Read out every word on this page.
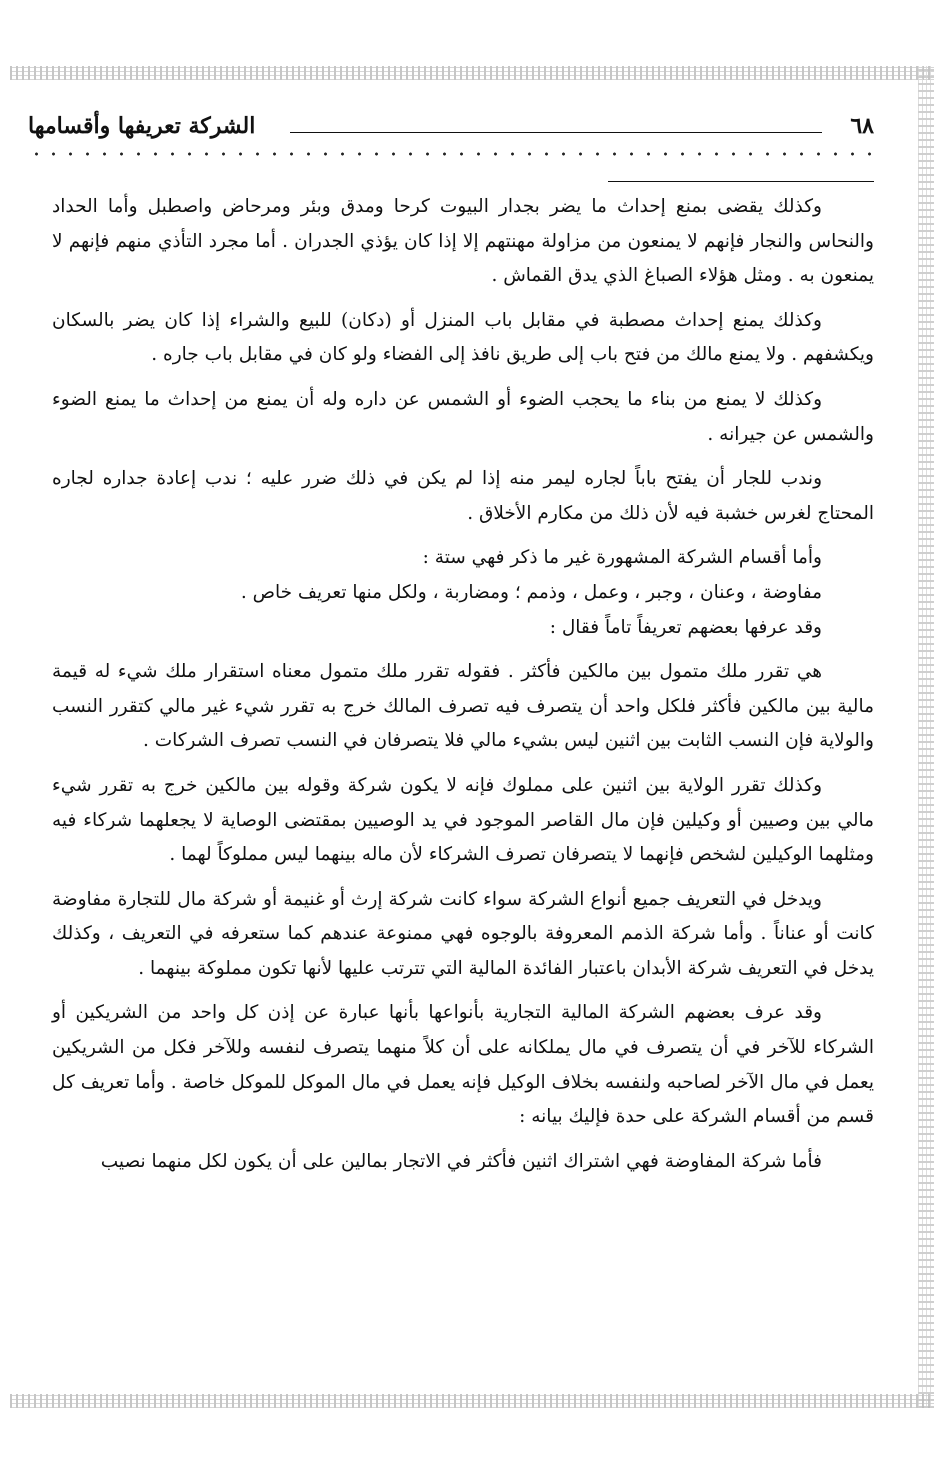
٦٨
الشركة تعريفها وأقسامها

وكذلك يقضى بمنع إحداث ما يضر بجدار البيوت كرحا ومدق وبئر ومرحاض واصطبل وأما الحداد والنحاس والنجار فإنهم لا يمنعون من مزاولة مهنتهم إلا إذا كان يؤذي الجدران . أما مجرد التأذي منهم فإنهم لا يمنعون به . ومثل هؤلاء الصباغ الذي يدق القماش .

وكذلك يمنع إحداث مصطبة في مقابل باب المنزل أو (دكان) للبيع والشراء إذا كان يضر بالسكان ويكشفهم . ولا يمنع مالك من فتح باب إلى طريق نافذ إلى الفضاء ولو كان في مقابل باب جاره .

وكذلك لا يمنع من بناء ما يحجب الضوء أو الشمس عن داره وله أن يمنع من إحداث ما يمنع الضوء والشمس عن جيرانه .

وندب للجار أن يفتح باباً لجاره ليمر منه إذا لم يكن في ذلك ضرر عليه ؛ ندب إعادة جداره لجاره المحتاج لغرس خشبة فيه لأن ذلك من مكارم الأخلاق .

وأما أقسام الشركة المشهورة غير ما ذكر فهي ستة :

مفاوضة ، وعنان ، وجبر ، وعمل ، وذمم ؛ ومضاربة ، ولكل منها تعريف خاص .

وقد عرفها بعضهم تعريفاً تاماً فقال :

هي تقرر ملك متمول بين مالكين فأكثر . فقوله تقرر ملك متمول معناه استقرار ملك شيء له قيمة مالية بين مالكين فأكثر فلكل واحد أن يتصرف فيه تصرف المالك خرج به تقرر شيء غير مالي كتقرر النسب والولاية فإن النسب الثابت بين اثنين ليس بشيء مالي فلا يتصرفان في النسب تصرف الشركات .

وكذلك تقرر الولاية بين اثنين على مملوك فإنه لا يكون شركة وقوله بين مالكين خرج به تقرر شيء مالي بين وصيين أو وكيلين فإن مال القاصر الموجود في يد الوصيين بمقتضى الوصاية لا يجعلهما شركاء فيه ومثلهما الوكيلين لشخص فإنهما لا يتصرفان تصرف الشركاء لأن ماله بينهما ليس مملوكاً لهما .

ويدخل في التعريف جميع أنواع الشركة سواء كانت شركة إرث أو غنيمة أو شركة مال للتجارة مفاوضة كانت أو عناناً . وأما شركة الذمم المعروفة بالوجوه فهي ممنوعة عندهم كما ستعرفه في التعريف ، وكذلك يدخل في التعريف شركة الأبدان باعتبار الفائدة المالية التي تترتب عليها لأنها تكون مملوكة بينهما .

وقد عرف بعضهم الشركة المالية التجارية بأنواعها بأنها عبارة عن إذن كل واحد من الشريكين أو الشركاء للآخر في أن يتصرف في مال يملكانه على أن كلاً منهما يتصرف لنفسه وللآخر فكل من الشريكين يعمل في مال الآخر لصاحبه ولنفسه بخلاف الوكيل فإنه يعمل في مال الموكل للموكل خاصة . وأما تعريف كل قسم من أقسام الشركة على حدة فإليك بيانه :

فأما شركة المفاوضة فهي اشتراك اثنين فأكثر في الاتجار بمالين على أن يكون لكل منهما نصيب
